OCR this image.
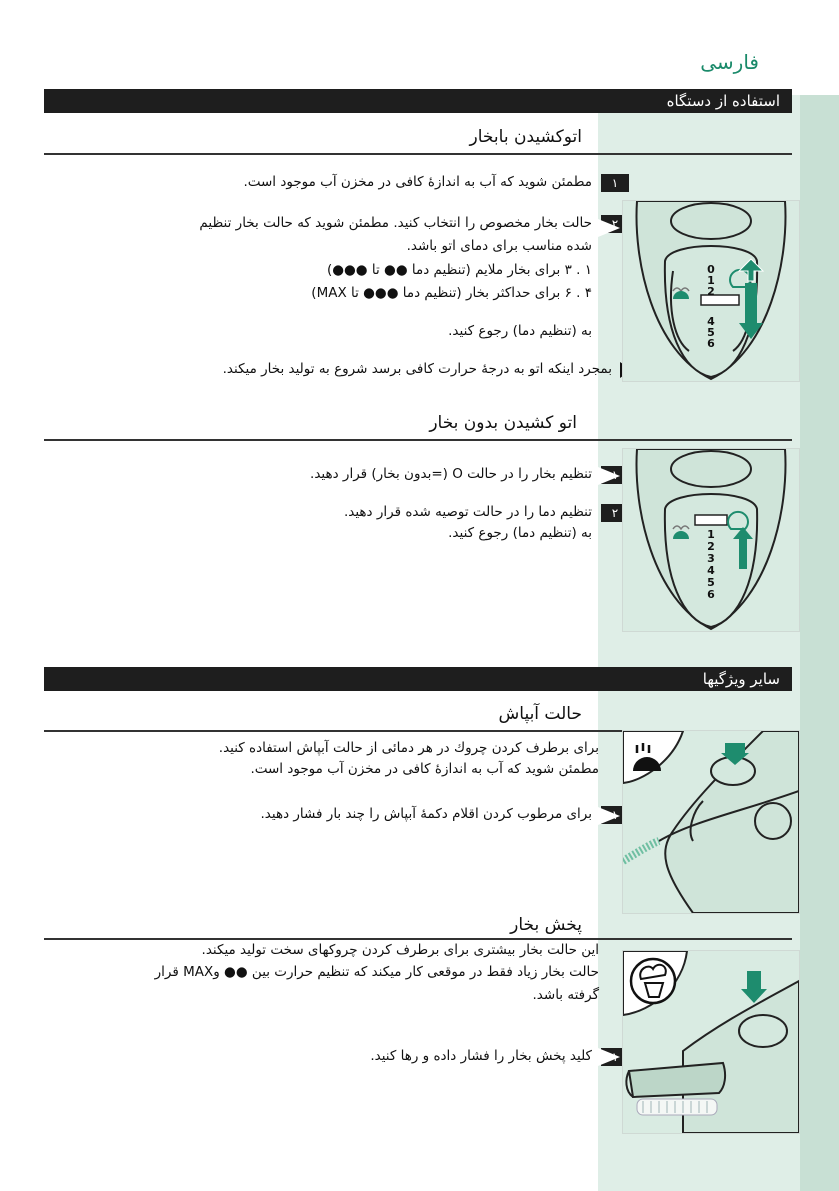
فارسی
استفاده از دستگاه
اتوکشیدن بابخار
۱
مطمئن شوید که آب به اندازهٔ کافی در مخزن آب موجود است.
۲
حالت بخار مخصوص را انتخاب کنید. مطمئن شوید که حالت بخار تنظیم
شده مناسب برای دمای اتو باشد.
۱ . ۳ برای بخار ملایم (تنظیم دما ●● تا ●●●)
۴ . ۶ برای حداکثر بخار (تنظیم دما ●●● تا MAX)
به (تنظیم دما) رجوع کنید.
بمجرد اینکه اتو به درجهٔ حرارت کافی برسد شروع به تولید بخار میکند.
0
1
2
4
5
6
اتو کشیدن بدون بخار
۱
تنظیم بخار را در حالت O (=بدون بخار) قرار دهید.
۲
تنظیم دما را در حالت توصیه شده قرار دهید.
به (تنظیم دما) رجوع کنید.	1
2
3
4
5
6
سایر ویژگیها
حالت آبپاش
برای برطرف کردن چروك در هر دمائی از حالت آبپاش استفاده کنید.
مطمئن شوید که آب به اندازهٔ کافی در مخزن آب موجود است.
۱
برای مرطوب کردن اقلام دکمهٔ آبپاش را چند بار فشار دهید.
پخش بخار
این حالت بخار بیشتری برای برطرف کردن چروکهای سخت تولید میکند.
حالت بخار زیاد فقط در موقعی کار میکند که تنظیم حرارت بین ●● وMAX قرار
گرفته باشد.
۱
کلید پخش بخار را فشار داده و رها کنید.
